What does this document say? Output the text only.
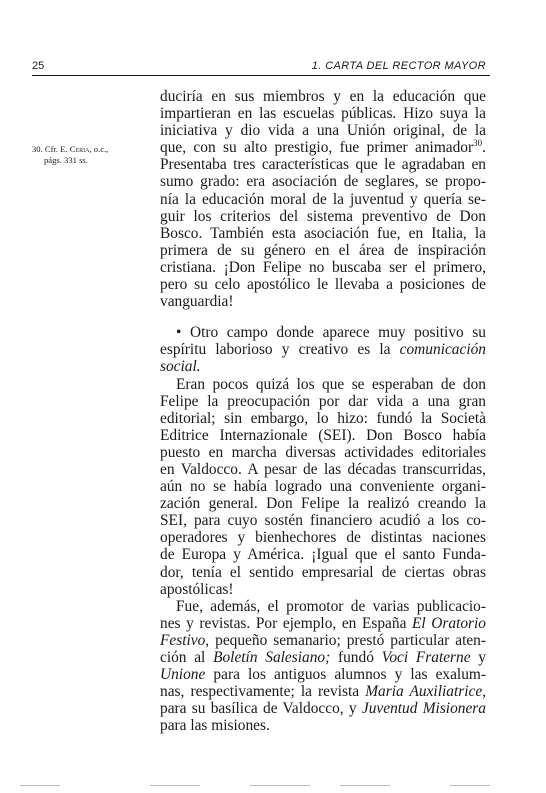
25	1. CARTA DEL RECTOR MAYOR
30. Cfr. E. Ceria, o.c.,
págs. 331 ss.
duciría en sus miembros y en la educación que
impartieran en las escuelas públicas. Hizo suya la
iniciativa y dio vida a una Unión original, de la
que, con su alto prestigio, fue primer animador$^{30}$.
Presentaba tres características que le agradaban en
sumo grado: era asociación de seglares, se propo-
nía la educación moral de la juventud y quería se-
guir los criterios del sistema preventivo de Don
Bosco. También esta asociación fue, en Italia, la
primera de su género en el área de inspiración
cristiana. ¡Don Felipe no buscaba ser el primero,
pero su celo apostólico le llevaba a posiciones de
vanguardia!
• Otro campo donde aparece muy positivo su
espíritu laborioso y creativo es la comunicación
social.
Eran pocos quizá los que se esperaban de don
Felipe la preocupación por dar vida a una gran
editorial; sin embargo, lo hizo: fundó la Società
Editrice Internazionale (SEI). Don Bosco había
puesto en marcha diversas actividades editoriales
en Valdocco. A pesar de las décadas transcurridas,
aún no se había logrado una conveniente organi-
zación general. Don Felipe la realizó creando la
SEI, para cuyo sostén financiero acudió a los co-
operadores y bienhechores de distintas naciones
de Europa y América. ¡Igual que el santo Funda-
dor, tenía el sentido empresarial de ciertas obras
apostólicas!
Fue, además, el promotor de varias publicacio-
nes y revistas. Por ejemplo, en España El Oratorio
Festivo, pequeño semanario; prestó particular aten-
ción al Boletín Salesiano; fundó Voci Fraterne y
Unione para los antiguos alumnos y las exalum-
nas, respectivamente; la revista Maria Auxiliatrice,
para su basílica de Valdocco, y Juventud Misionera
para las misiones.
